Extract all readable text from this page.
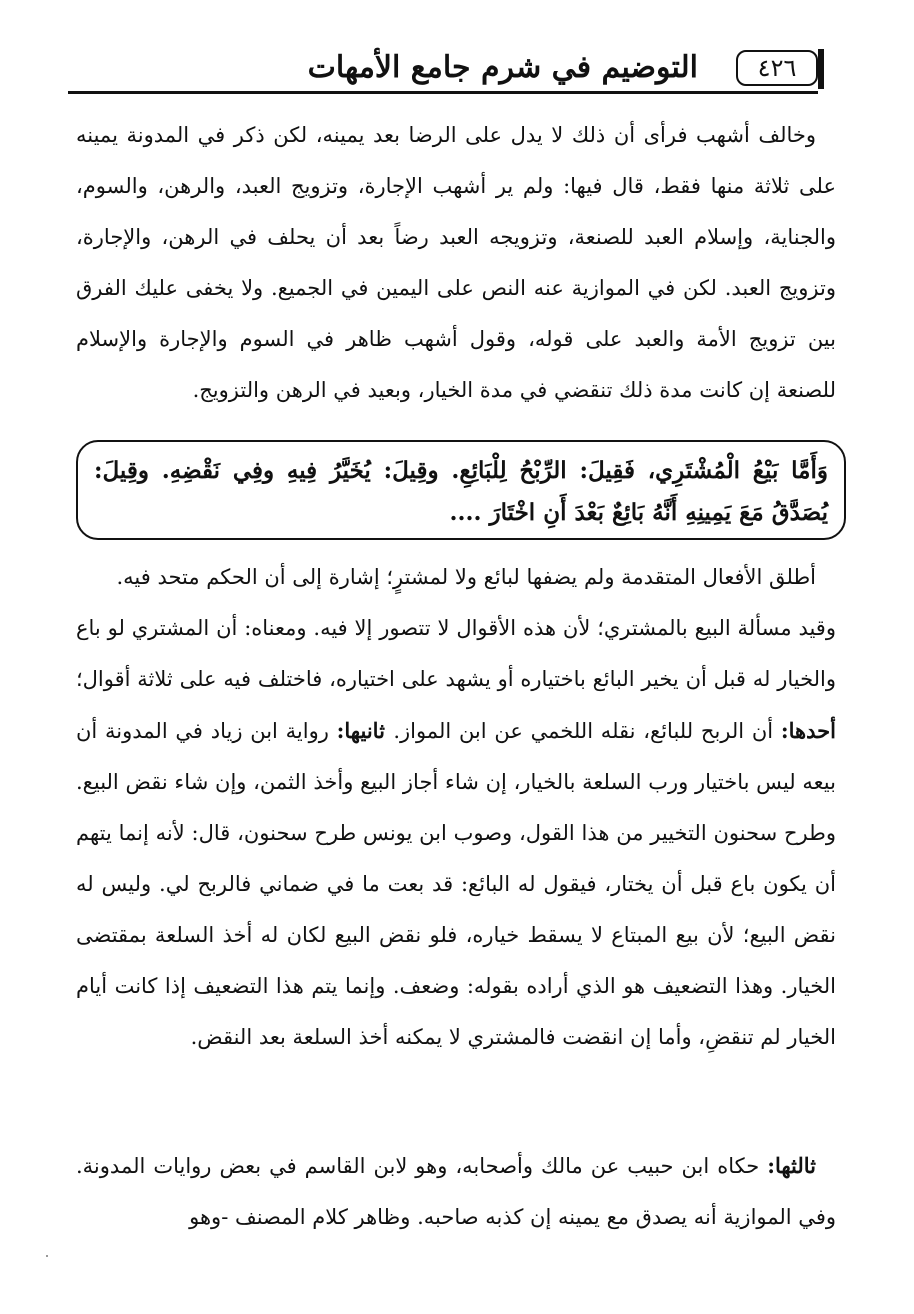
٤٢٦
التوضيم في شرم جامع الأمهات

وخالف أشهب فرأى أن ذلك لا يدل على الرضا بعد يمينه، لكن ذكر في المدونة يمينه على ثلاثة منها فقط، قال فيها: ولم ير أشهب الإجارة، وتزويج العبد، والرهن، والسوم، والجناية، وإسلام العبد للصنعة، وتزويجه العبد رضاً بعد أن يحلف في الرهن، والإجارة، وتزويج العبد. لكن في الموازية عنه النص على اليمين في الجميع. ولا يخفى عليك الفرق بين تزويج الأمة والعبد على قوله، وقول أشهب ظاهر في السوم والإجارة والإسلام للصنعة إن كانت مدة ذلك تنقضي في مدة الخيار، وبعيد في الرهن والتزويج.

وَأَمَّا بَيْعُ الْمُشْتَرِي، فَقِيلَ: الرِّبْحُ لِلْبَائِعِ. وقِيلَ: يُخَيَّرُ فِيهِ وفِي نَقْضِهِ. وقِيلَ: يُصَدَّقُ مَعَ يَمِينِهِ أَنَّهُ بَائِعٌ بَعْدَ أَنِ اخْتَارَ ....

أطلق الأفعال المتقدمة ولم يضفها لبائع ولا لمشترٍ؛ إشارة إلى أن الحكم متحد فيه.

وقيد مسألة البيع بالمشتري؛ لأن هذه الأقوال لا تتصور إلا فيه. ومعناه: أن المشتري لو باع والخيار له قبل أن يخير البائع باختياره أو يشهد على اختياره، فاختلف فيه على ثلاثة أقوال؛أحدها: أن الربح للبائع، نقله اللخمي عن ابن المواز. ثانيها: رواية ابن زياد في المدونة أن بيعه ليس باختيار ورب السلعة بالخيار، إن شاء أجاز البيع وأخذ الثمن، وإن شاء نقض البيع. وطرح سحنون التخيير من هذا القول، وصوب ابن يونس طرح سحنون، قال: لأنه إنما يتهم أن يكون باع قبل أن يختار، فيقول له البائع: قد بعت ما في ضماني فالربح لي. وليس له نقض البيع؛ لأن بيع المبتاع لا يسقط خياره، فلو نقض البيع لكان له أخذ السلعة بمقتضى الخيار. وهذا التضعيف هو الذي أراده بقوله: وضعف. وإنما يتم هذا التضعيف إذا كانت أيام الخيار لم تنقضِ، وأما إن انقضت فالمشتري لا يمكنه أخذ السلعة بعد النقض.

ثالثها: حكاه ابن حبيب عن مالك وأصحابه، وهو لابن القاسم في بعض روايات المدونة. وفي الموازية أنه يصدق مع يمينه إن كذبه صاحبه. وظاهر كلام المصنف -وهو
